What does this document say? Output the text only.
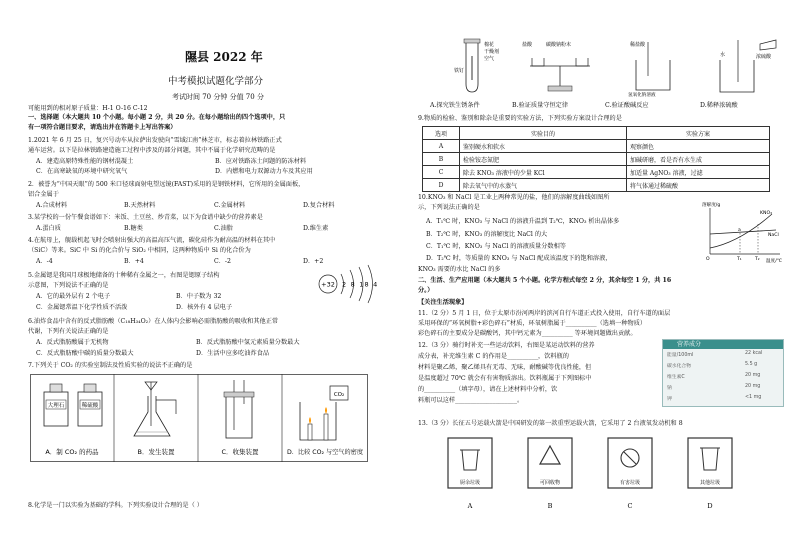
隰县 2022 年
中考模拟试题化学部分
考试时间 70 分钟 分值 70 分
可能用到的相对原子质量：H-1 O-16 C-12
一、选择题（本大题共 10 个小题。每小题 2 分，共 20 分。在每小题给出的四个选项中，只
有一项符合题目要求，请选出并在答题卡上写出答案）
1.2021 年 6 月 25 日，复兴号动车从拉萨出发驶向“雪域江南”林芝市，标志着拉林铁路正式
通车运营。以下是拉林铁路建造施工过程中涉及的部分问题，其中不属于化学研究范畴的是
A．建造高原特殊性能的钢材混凝土	B．应对铁路冻土问题的防冻材料
C．在高寒缺氧的环境中研究氧气	D．内燃和电力双源动力车及其应用
2．被誉为“中国天眼”的 500 米口径球面射电望远镜(FAST)采用的是钢铁材料，它所用的金属面板，
铝合金属于
A.合成材料	B.天然材料	C.金属材料	D.复合材料
3.某学校的一份午餐食谱如下：米饭、土豆丝、炒青菜，以下为食谱中缺少的营养素是
A.蛋白质	B.糖类	C.油脂	D.维生素
4.在航母上，舰载机起飞时会喷射出强大的高温高压气流，碳化硅作为耐高温的材料在其中
（SiC）等来。SiC 中 Si 的化合价与 SiO₂ 中相同，这两种物质中 Si 的化合价为
A．-4	B．+4	C．-2	D．+2
5.金属锶是我国月球极地储备的十种稀有金属之一，右图是锶原子结构
示意图，下列说法不正确的是
A．它的最外层有 2 个电子	B．中子数为 32
C．金属锶常温下化学性质不活泼	D．核外有 4 层电子
+32 2 8 18 4
6.油炸食品中含有的反式脂肪酸（C₁₈H₃₄O₂）在人体内会影响必需脂肪酸的吸收和其他正常
代谢，下列有关说法正确的是
A．反式脂肪酸属于无机物	B．反式脂肪酸中氢元素质量分数最大
C．反式脂肪酸中碳的质量分数最大	D．生活中应多吃油炸食品
7.下列关于 CO₂ 的实验室制法及性质实验的说法不正确的是
大理石	稀硫酸
CO₂
A．制 CO₂ 的药品	B．发生装置	C．收集装置	D．比较 CO₂ 与空气的密度
8.化学是一门以实验为基础的学科。下列实验设计合理的是（ ）
铁钉
棉花
干燥剂
空气
盐酸	碳酸钠粉末	稀盐酸
氢氧化钠溶液
水	浓硫酸
A.探究铁生锈条件	B.验证质量守恒定律	C.验证酸碱反应	D.稀释浓硫酸
9.物质的检验、鉴别和除杂是重要的实验方法，下列实验方案设计合理的是
选项	实验目的	实验方案
A	鉴别硬水和软水	观察颜色
B	检验铵态氮肥	加碱研磨，看是否有水生成
C	除去 KNO₃ 溶液中的少量 KCl	加适量 AgNO₃ 溶液，过滤
D	除去氧气中的水蒸气	将气体通过稀硫酸
10.KNO₃ 和 NaCl 是工业上两种常见的盐，他们的溶解度曲线如图所
示，下列说法正确的是
A．T₁℃ 时，KNO₃ 与 NaCl 的溶液升温到 T₂℃，KNO₃ 析出晶体多
B．T₂℃ 时，KNO₃ 的溶解度比 NaCl 的大
C．T₁℃ 时，KNO₃ 与 NaCl 的溶液质量分数相等
D．T₂℃ 时，等质量的 KNO₃ 与 NaCl 配成该温度下的饱和溶液，
KNO₃ 需要的水比 NaCl 的多
溶解度/g
温度/℃
KNO₃
NaCl
a
O	T₁	T₂
二、生活、生产应用题（本大题共 5 个小题。化学方程式每空 2 分，其余每空 1 分，共 16
分。）
【关注生活现象】
11.（2 分）5 月 1 日，位于太原市汾河两岸的滨河自行车道正式投入使用，自行车道的面层
采用环保的“环氧树脂+彩色碎石”材质，环氧树脂属于__________（选填一种物质）
彩色碎石的主要成分是碳酸钙，其中钙元素为__________ 等环境问题做出贡献。
12.（3 分）骑行时补充一些运动饮料，右图是某运动饮料的营养
成分表，补充维生素 C 的作用是__________，饮料瓶的
材料是聚乙烯，聚乙烯具有无毒、无味，耐酸碱等优良性能，但
是温度超过 70℃ 就会有有害物质溶出。饮料瓶属于下列图标中
的__________（填字母），请在上述材料中分析，饮
料瓶可以这样____________________。
营养成分
能量/100ml	22 kcal
碳水化合物	5.5 g
维生素C	20 mg
钠	20 mg
钾	<1 mg
13.（3 分）长征五号运载火箭是中国研发的第一款重型运载火箭，它采用了 2 台液氧发动机和 8
厨余垃圾
A
可回收物
B
有害垃圾
C
其他垃圾
D
